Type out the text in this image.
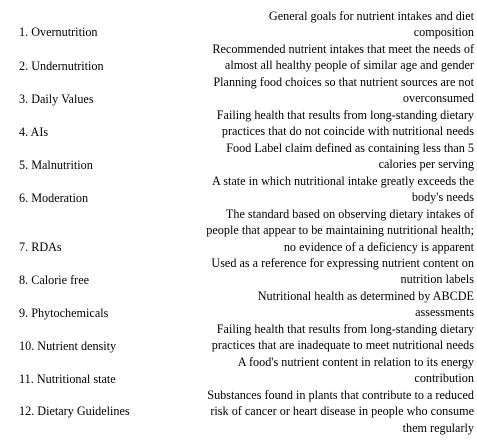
1. Overnutrition
2. Undernutrition
3. Daily Values
4. AIs
5. Malnutrition
6. Moderation
7. RDAs
8. Calorie free
9. Phytochemicals
10. Nutrient density
11. Nutritional state
12. Dietary Guidelines
General goals for nutrient intakes and diet
composition
Recommended nutrient intakes that meet the needs of
almost all healthy people of similar age and gender
Planning food choices so that nutrient sources are not
overconsumed
Failing health that results from long-standing dietary
practices that do not coincide with nutritional needs
Food Label claim defined as containing less than 5
calories per serving
A state in which nutritional intake greatly exceeds the
body's needs
The standard based on observing dietary intakes of
people that appear to be maintaining nutritional health;
no evidence of a deficiency is apparent
Used as a reference for expressing nutrient content on
nutrition labels
Nutritional health as determined by ABCDE
assessments
Failing health that results from long-standing dietary
practices that are inadequate to meet nutritional needs
A food's nutrient content in relation to its energy
contribution
Substances found in plants that contribute to a reduced
risk of cancer or heart disease in people who consume
them regularly
